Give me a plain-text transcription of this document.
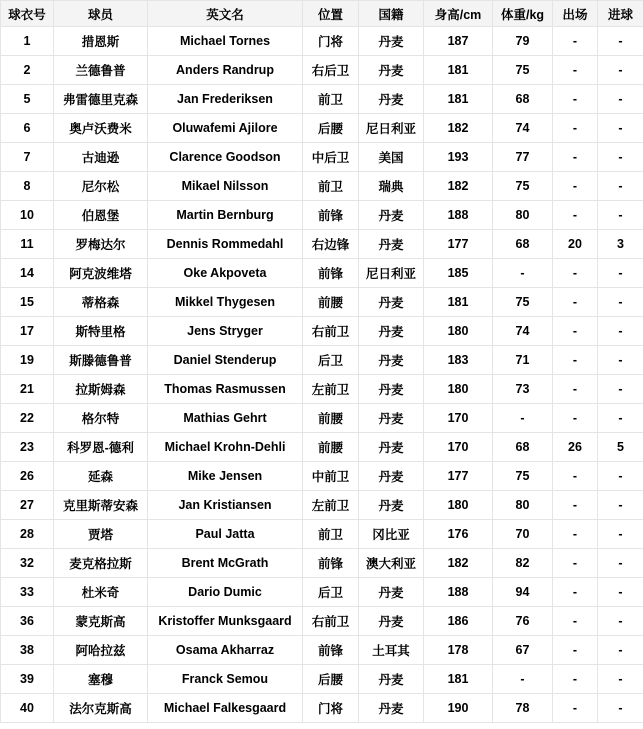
球衣号	球员	英文名	位置	国籍	身高/cm	体重/kg	出场	进球
1	措恩斯	Michael Tornes	门将	丹麦	187	79	-	-
2	兰德鲁普	Anders Randrup	右后卫	丹麦	181	75	-	-
5	弗雷德里克森	Jan Frederiksen	前卫	丹麦	181	68	-	-
6	奥卢沃费米	Oluwafemi Ajilore	后腰	尼日利亚	182	74	-	-
7	古迪逊	Clarence Goodson	中后卫	美国	193	77	-	-
8	尼尔松	Mikael Nilsson	前卫	瑞典	182	75	-	-
10	伯恩堡	Martin Bernburg	前锋	丹麦	188	80	-	-
11	罗梅达尔	Dennis Rommedahl	右边锋	丹麦	177	68	20	3
14	阿克波维塔	Oke Akpoveta	前锋	尼日利亚	185	-	-	-
15	蒂格森	Mikkel Thygesen	前腰	丹麦	181	75	-	-
17	斯特里格	Jens Stryger	右前卫	丹麦	180	74	-	-
19	斯滕德鲁普	Daniel Stenderup	后卫	丹麦	183	71	-	-
21	拉斯姆森	Thomas Rasmussen	左前卫	丹麦	180	73	-	-
22	格尔特	Mathias Gehrt	前腰	丹麦	170	-	-	-
23	科罗恩-德利	Michael Krohn-Dehli	前腰	丹麦	170	68	26	5
26	延森	Mike Jensen	中前卫	丹麦	177	75	-	-
27	克里斯蒂安森	Jan Kristiansen	左前卫	丹麦	180	80	-	-
28	贾塔	Paul Jatta	前卫	冈比亚	176	70	-	-
32	麦克格拉斯	Brent McGrath	前锋	澳大利亚	182	82	-	-
33	杜米奇	Dario Dumic	后卫	丹麦	188	94	-	-
36	蒙克斯高	Kristoffer Munksgaard	右前卫	丹麦	186	76	-	-
38	阿哈拉兹	Osama Akharraz	前锋	土耳其	178	67	-	-
39	塞穆	Franck Semou	后腰	丹麦	181	-	-	-
40	法尔克斯高	Michael Falkesgaard	门将	丹麦	190	78	-	-
